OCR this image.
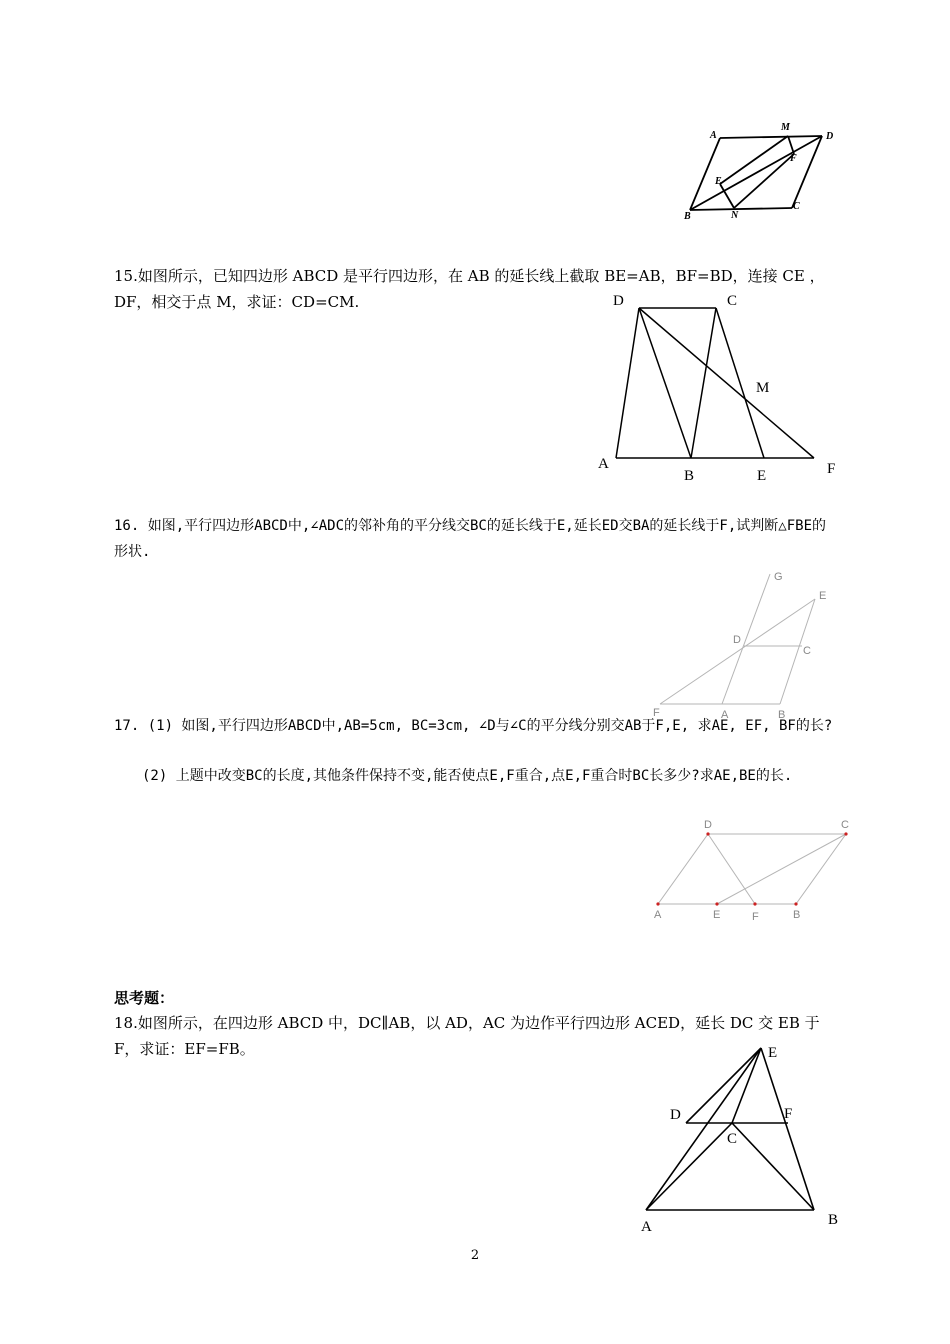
A
M
D
F
E
B	N
C

15.如图所示，已知四边形 ABCD 是平行四边形，在 AB 的延长线上截取 BE=AB，BF=BD，连接 CE ，DF，相交于点 M，求证：CD=CM.	D	C
M
A
B	E	F

16. 如图,平行四边形ABCD中,∠ADC的邻补角的平分线交BC的延长线于E,延长ED交BA的延长线于F,试判断△FBE的形状.

G
E
D
C
F	A	B

17. (1) 如图,平行四边形ABCD中,AB=5cm, BC=3cm, ∠D与∠C的平分线分别交AB于F,E, 求AE, EF, BF的长?

(2) 上题中改变BC的长度,其他条件保持不变,能否使点E,F重合,点E,F重合时BC长多少?求AE,BE的长.

D	C
A	E	F	B

思考题：

18.如图所示，在四边形 ABCD 中，DC∥AB，以 AD，AC 为边作平行四边形 ACED，延长 DC 交 EB 于 F，求证：EF=FB。	E
D	F
C
A	B
2
